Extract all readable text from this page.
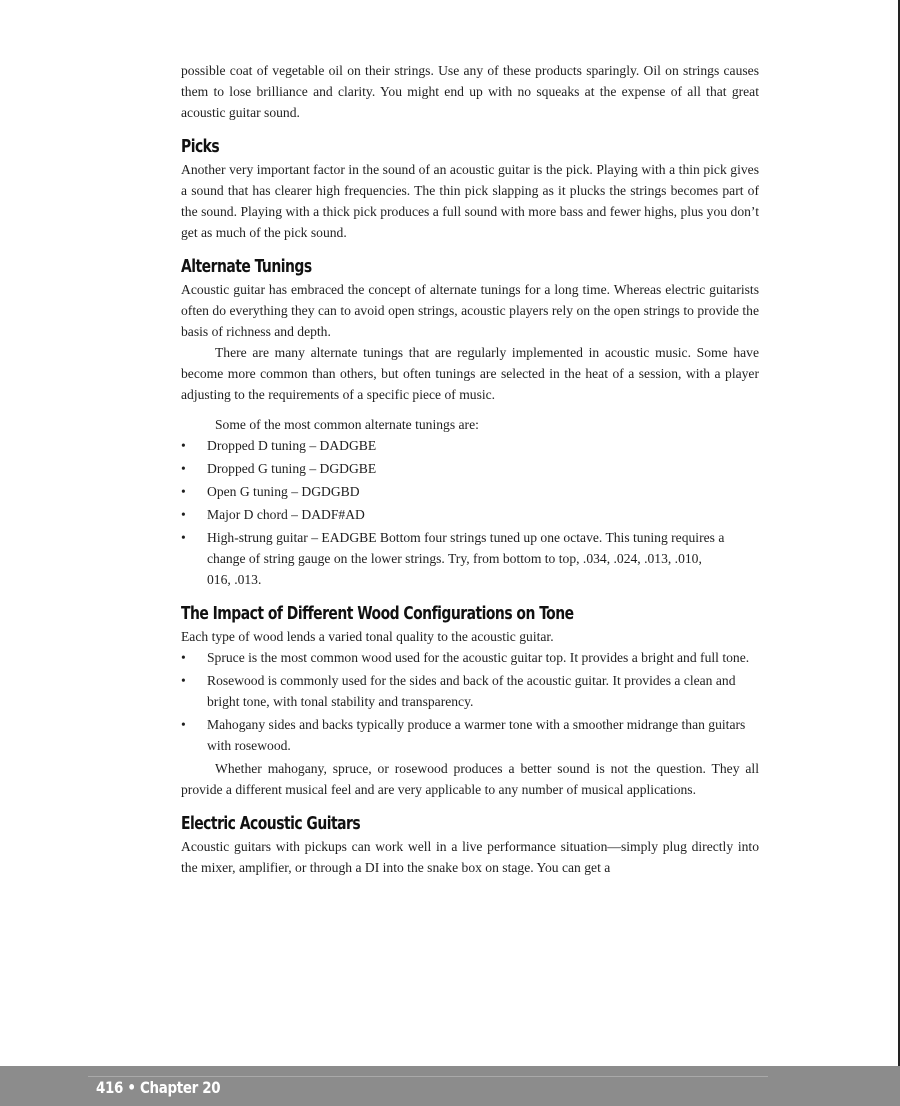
possible coat of vegetable oil on their strings. Use any of these products sparingly. Oil on strings causes them to lose brilliance and clarity. You might end up with no squeaks at the expense of all that great acoustic guitar sound.

Picks

Another very important factor in the sound of an acoustic guitar is the pick. Playing with a thin pick gives a sound that has clearer high frequencies. The thin pick slapping as it plucks the strings becomes part of the sound. Playing with a thick pick produces a full sound with more bass and fewer highs, plus you don’t get as much of the pick sound.

Alternate Tunings

Acoustic guitar has embraced the concept of alternate tunings for a long time. Whereas electric guitarists often do everything they can to avoid open strings, acoustic players rely on the open strings to provide the basis of richness and depth.

There are many alternate tunings that are regularly implemented in acoustic music. Some have become more common than others, but often tunings are selected in the heat of a session, with a player adjusting to the requirements of a specific piece of music.

Some of the most common alternate tunings are:

•	Dropped D tuning – DADGBE
•	Dropped G tuning – DGDGBE
•	Open G tuning – DGDGBD
•	Major D chord – DADF#AD
•	High-strung guitar – EADGBE Bottom four strings tuned up one octave. This tuning requires a change of string gauge on the lower strings. Try, from bottom to top, .034, .024, .013, .010,
016, .013.
The Impact of Different Wood Configurations on Tone

Each type of wood lends a varied tonal quality to the acoustic guitar.

•	Spruce is the most common wood used for the acoustic guitar top. It provides a bright and full tone.
•	Rosewood is commonly used for the sides and back of the acoustic guitar. It provides a clean and bright tone, with tonal stability and transparency.
•	Mahogany sides and backs typically produce a warmer tone with a smoother midrange than guitars with rosewood.

Whether mahogany, spruce, or rosewood produces a better sound is not the question. They all provide a different musical feel and are very applicable to any number of musical applications.

Electric Acoustic Guitars

Acoustic guitars with pickups can work well in a live performance situation—simply plug directly into the mixer, amplifier, or through a DI into the snake box on stage. You can get a

416 • Chapter 20
